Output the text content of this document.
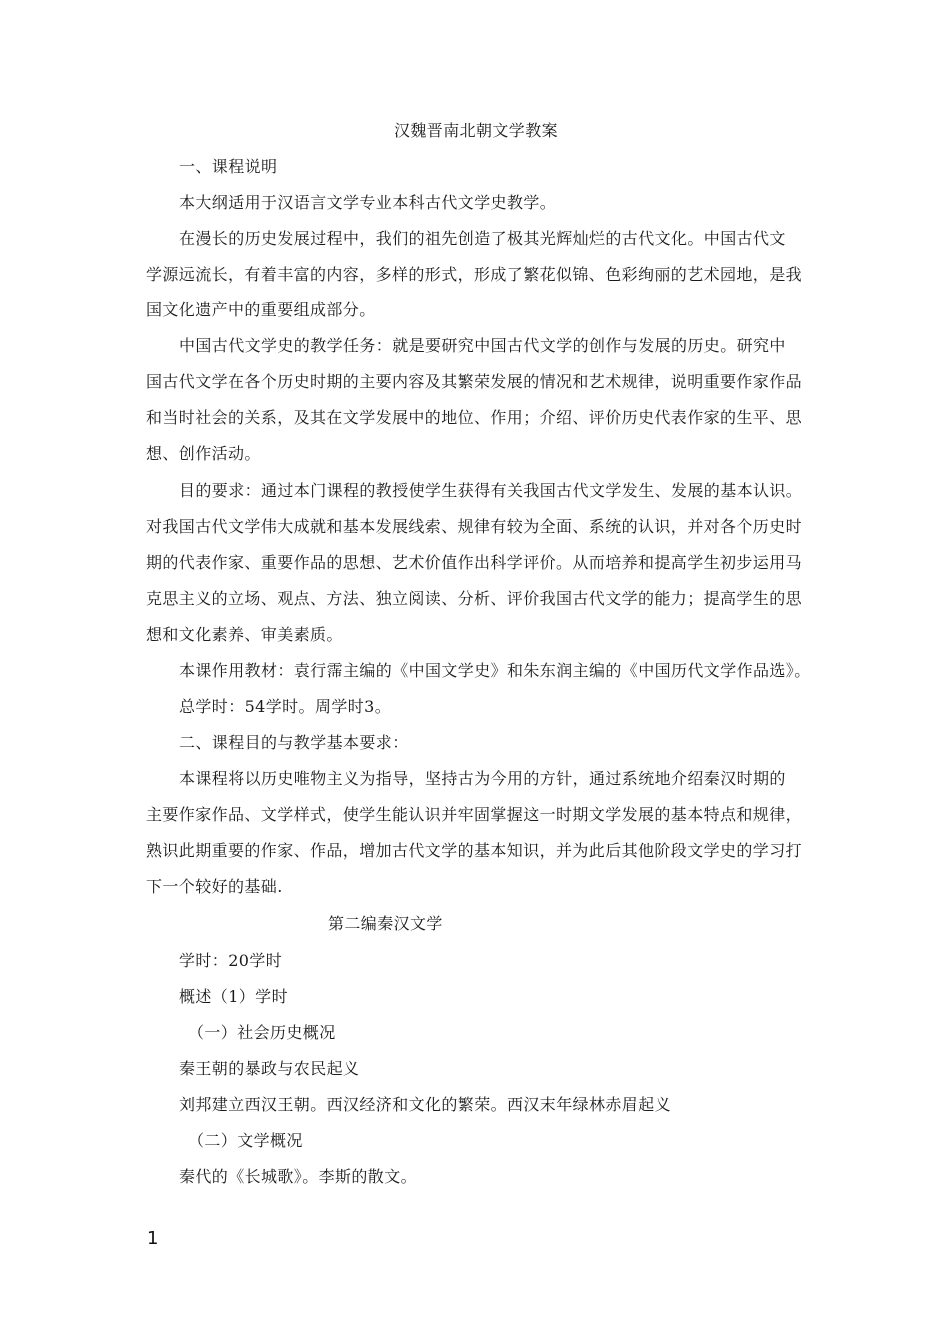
汉魏晋南北朝文学教案
一、课程说明
本大纲适用于汉语言文学专业本科古代文学史教学。
在漫长的历史发展过程中，我们的祖先创造了极其光辉灿烂的古代文化。中国古代文
学源远流长，有着丰富的内容，多样的形式，形成了繁花似锦、色彩绚丽的艺术园地，是我
国文化遗产中的重要组成部分。
中国古代文学史的教学任务：就是要研究中国古代文学的创作与发展的历史。研究中
国古代文学在各个历史时期的主要内容及其繁荣发展的情况和艺术规律，说明重要作家作品
和当时社会的关系，及其在文学发展中的地位、作用；介绍、评价历史代表作家的生平、思
想、创作活动。
目的要求：通过本门课程的教授使学生获得有关我国古代文学发生、发展的基本认识。
对我国古代文学伟大成就和基本发展线索、规律有较为全面、系统的认识，并对各个历史时
期的代表作家、重要作品的思想、艺术价值作出科学评价。从而培养和提高学生初步运用马
克思主义的立场、观点、方法、独立阅读、分析、评价我国古代文学的能力；提高学生的思
想和文化素养、审美素质。
本课作用教材：袁行霈主编的《中国文学史》和朱东润主编的《中国历代文学作品选》。
总学时：54学时。周学时3。
二、课程目的与教学基本要求：
本课程将以历史唯物主义为指导，坚持古为今用的方针，通过系统地介绍秦汉时期的
主要作家作品、文学样式，使学生能认识并牢固掌握这一时期文学发展的基本特点和规律，
熟识此期重要的作家、作品，增加古代文学的基本知识，并为此后其他阶段文学史的学习打
下一个较好的基础.
第二编秦汉文学
学时：20学时
概述（1）学时
（一）社会历史概况
秦王朝的暴政与农民起义
刘邦建立西汉王朝。西汉经济和文化的繁荣。西汉末年绿林赤眉起义
（二）文学概况
秦代的《长城歌》。李斯的散文。
1
